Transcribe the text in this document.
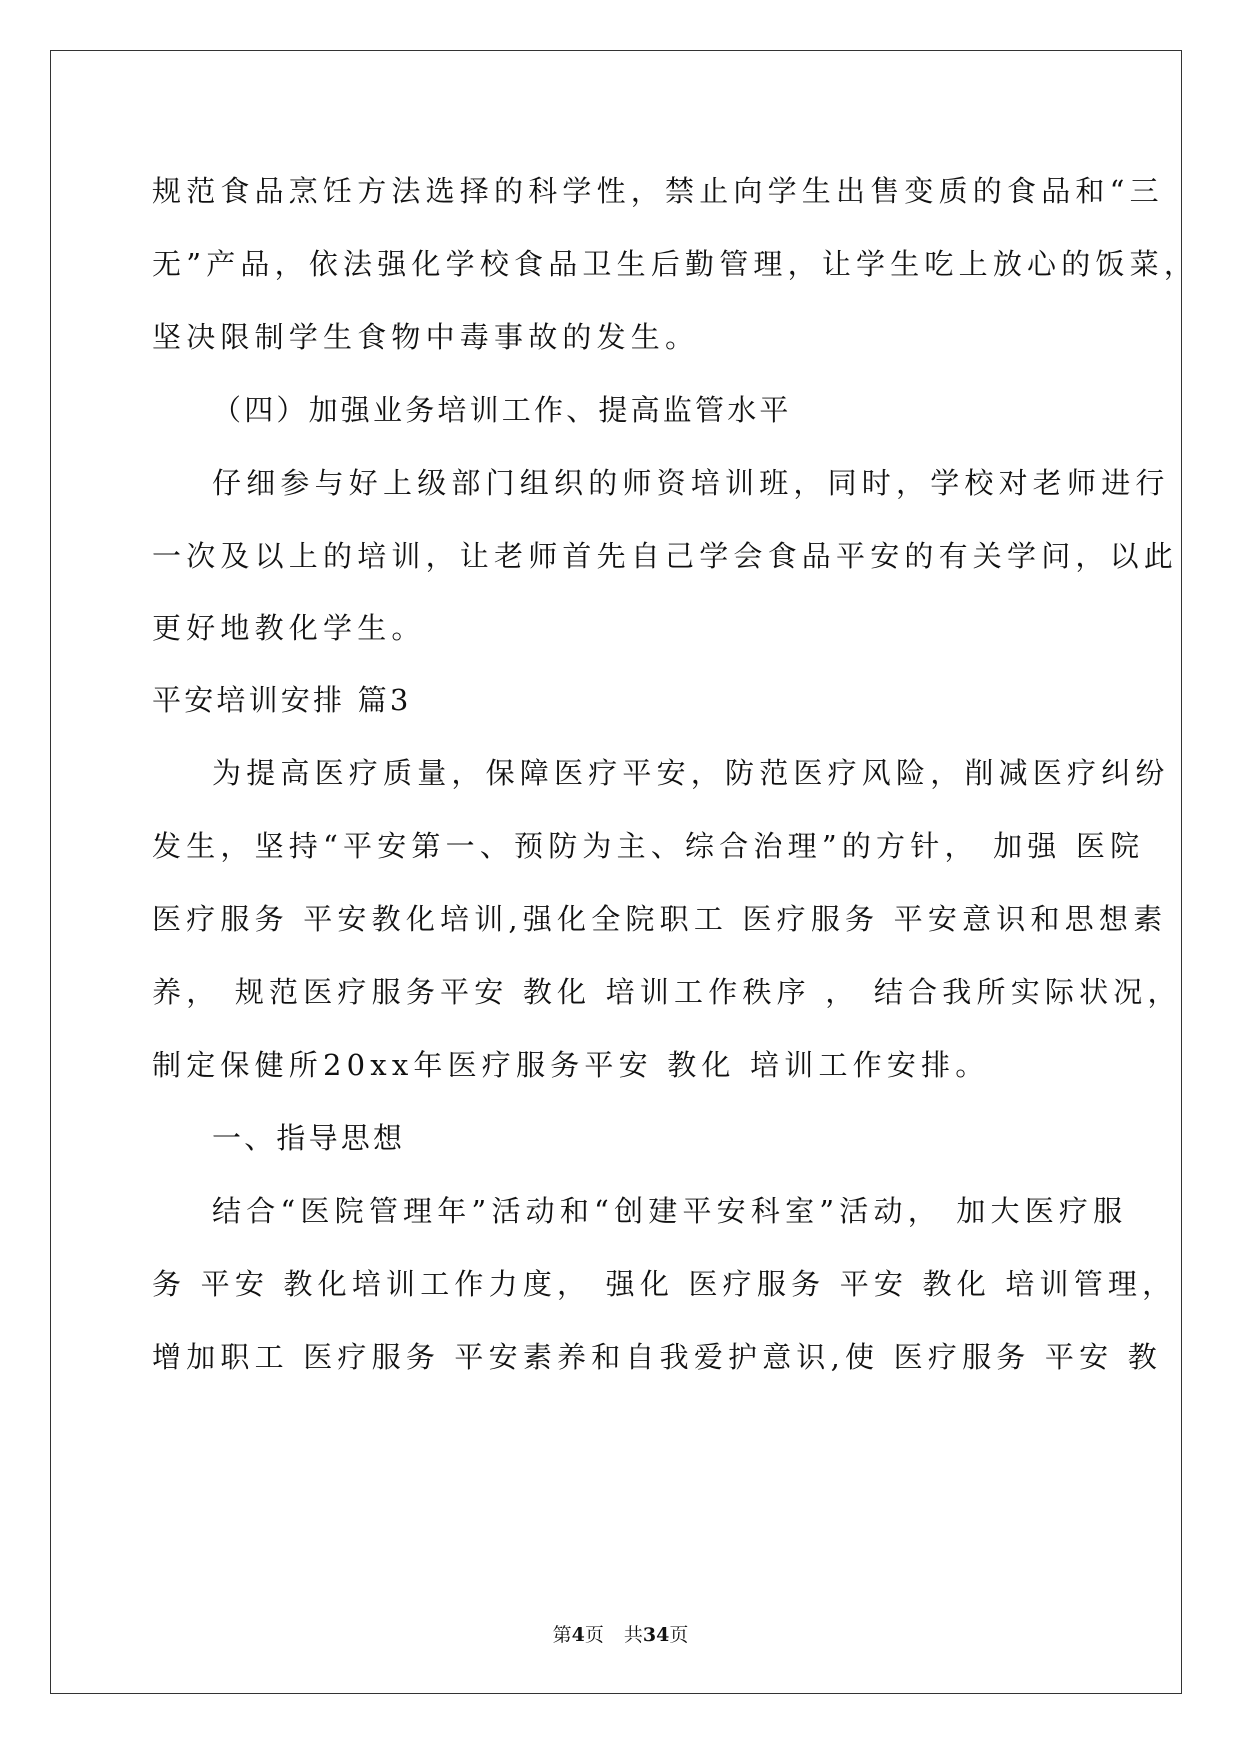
规范食品烹饪方法选择的科学性，禁止向学生出售变质的食品和“三
无”产品，依法强化学校食品卫生后勤管理，让学生吃上放心的饭菜，
坚决限制学生食物中毒事故的发生。
（四）加强业务培训工作、提高监管水平
仔细参与好上级部门组织的师资培训班，同时，学校对老师进行
一次及以上的培训，让老师首先自己学会食品平安的有关学问，以此
更好地教化学生。
平安培训安排 篇3
为提高医疗质量，保障医疗平安，防范医疗风险，削减医疗纠纷
发生，坚持“平安第一、预防为主、综合治理”的方针， 加强 医院
医疗服务 平安教化培训,强化全院职工 医疗服务 平安意识和思想素
养， 规范医疗服务平安 教化 培训工作秩序 ， 结合我所实际状况，
制定保健所20xx年医疗服务平安 教化 培训工作安排。
一、指导思想
结合“医院管理年”活动和“创建平安科室”活动， 加大医疗服
务 平安 教化培训工作力度， 强化 医疗服务 平安 教化 培训管理，
增加职工 医疗服务 平安素养和自我爱护意识,使 医疗服务 平安 教
第4页 共34页
